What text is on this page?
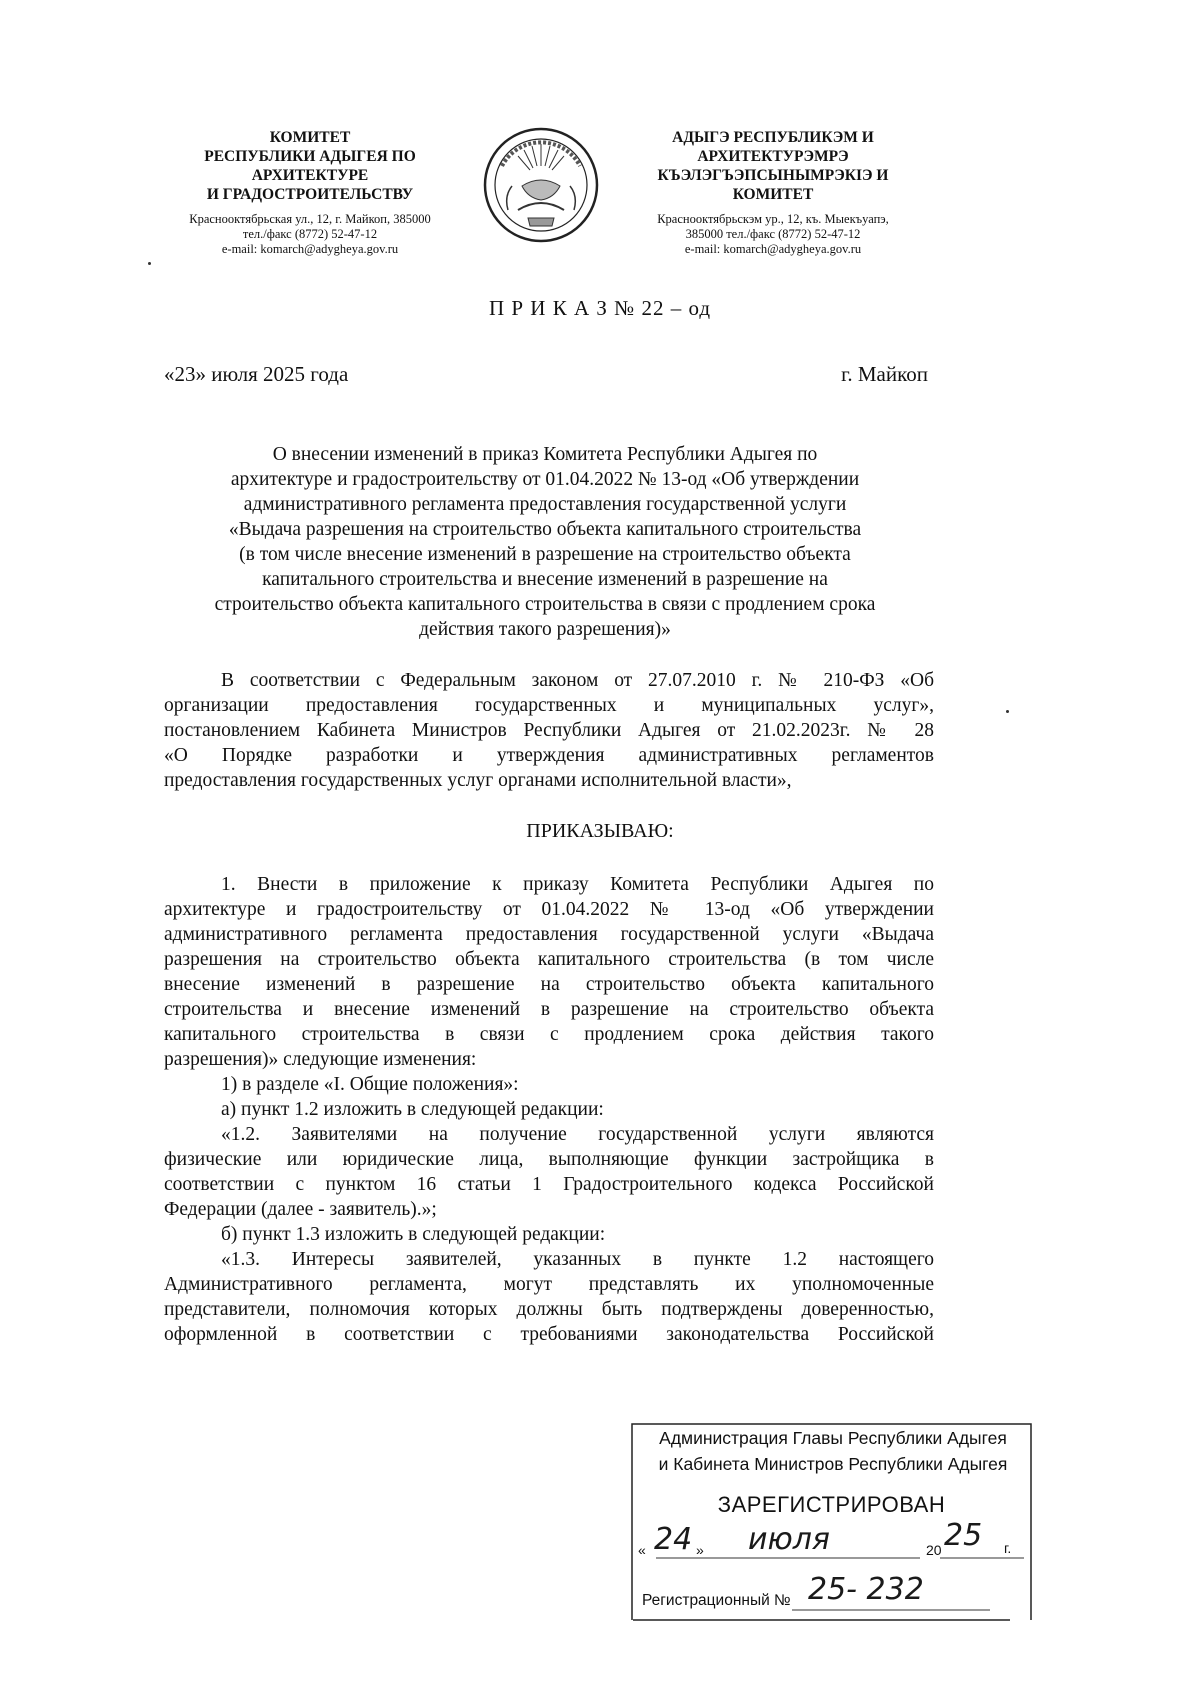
КОМИТЕТ
РЕСПУБЛИКИ АДЫГЕЯ ПО
АРХИТЕКТУРЕ
И ГРАДОСТРОИТЕЛЬСТВУ
Краснооктябрьская ул., 12, г. Майкоп, 385000
тел./факс (8772) 52-47-12
e-mail: komarch@adygheya.gov.ru
АДЫГЭ РЕСПУБЛИКЭМ И
АРХИТЕКТУРЭМРЭ
КЪЭЛЭГЪЭПСЫНЫМРЭКІЭ И
КОМИТЕТ
Краснооктябрьскэм ур., 12, къ. Мыекъуапэ,
385000 тел./факс (8772) 52-47-12
e-mail: komarch@adygheya.gov.ru
П Р И К А З № 22 – од
«23» июля 2025 года	г. Майкоп
О внесении изменений в приказ Комитета Республики Адыгея по
архитектуре и градостроительству от 01.04.2022 № 13-од «Об утверждении
административного регламента предоставления государственной услуги
«Выдача разрешения на строительство объекта капитального строительства
(в том числе внесение изменений в разрешение на строительство объекта
капитального строительства и внесение изменений в разрешение на
строительство объекта капитального строительства в связи с продлением срока
действия такого разрешения)»
В соответствии с Федеральным законом от 27.07.2010 г. № 210-ФЗ «Об
организации предоставления государственных и муниципальных услуг»,
постановлением Кабинета Министров Республики Адыгея от 21.02.2023г. № 28
«О Порядке разработки и утверждения административных регламентов
предоставления государственных услуг органами исполнительной власти»,
ПРИКАЗЫВАЮ:
1. Внести в приложение к приказу Комитета Республики Адыгея по
архитектуре и градостроительству от 01.04.2022 № 13-од «Об утверждении
административного регламента предоставления государственной услуги «Выдача
разрешения на строительство объекта капитального строительства (в том числе
внесение изменений в разрешение на строительство объекта капитального
строительства и внесение изменений в разрешение на строительство объекта
капитального строительства в связи с продлением срока действия такого
разрешения)» следующие изменения:
1) в разделе «I. Общие положения»:
а) пункт 1.2 изложить в следующей редакции:
«1.2. Заявителями на получение государственной услуги являются
физические или юридические лица, выполняющие функции застройщика в
соответствии с пунктом 16 статьи 1 Градостроительного кодекса Российской
Федерации (далее - заявитель).»;
б) пункт 1.3 изложить в следующей редакции:
«1.3. Интересы заявителей, указанных в пункте 1.2 настоящего
Административного регламента, могут представлять их уполномоченные
представители, полномочия которых должны быть подтверждены доверенностью,
оформленной в соответствии с требованиями законодательства Российской
Администрация Главы Республики Адыгея
и Кабинета Министров Республики Адыгея
ЗАРЕГИСТРИРОВАН
« 24 » июля	20 25 г.
Регистрационный № 25- 232
